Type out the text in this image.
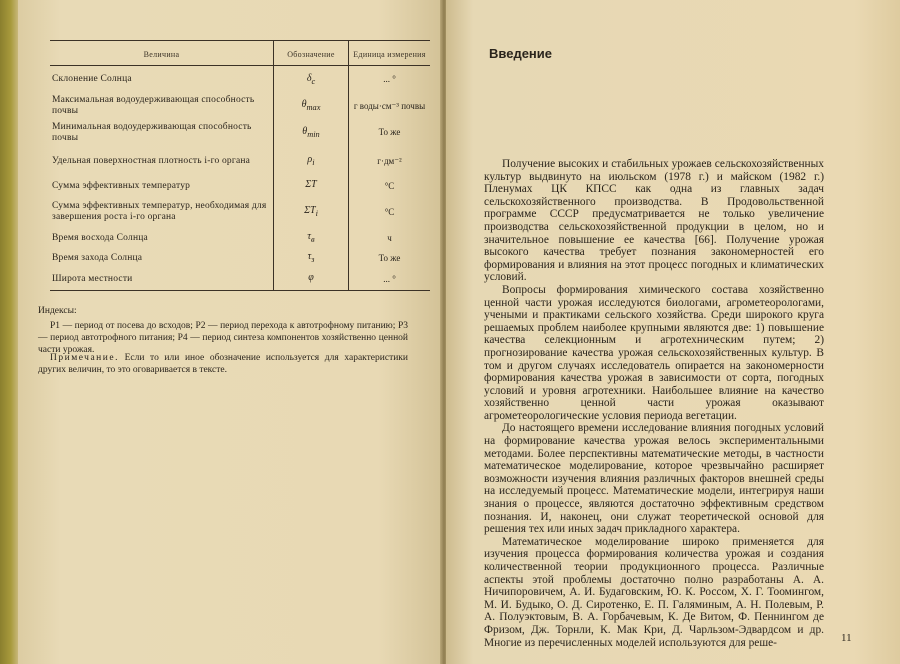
Величина	Обозначение	Единица измерения
Склонение Солнца	$\delta_c$	... °
Максимальная водоудерживающая способность почвы	$\theta_{max}$	г воды·см⁻³ почвы
Минимальная водоудерживающая способность почвы	$\theta_{min}$	То же
Удельная поверхностная плотность i-го органа	$\rho_i$	г·дм⁻²
Сумма эффективных температур	ΣT	°C
Сумма эффективных температур, необходимая для завершения роста i-го органа	$\Sigma T_i$	°C
Время восхода Солнца	$\tau_в$	ч
Время захода Солнца	$\tau_з$	То же
Широта местности	φ	... °
Индексы:
P1 — период от посева до всходов; P2 — период перехода к автотрофному питанию; P3 — период автотрофного питания; P4 — период синтеза компонентов хозяйственно ценной части урожая.
Примечание. Если то или иное обозначение используется для характеристики других величин, то это оговаривается в тексте.
Введение

Получение высоких и стабильных урожаев сельскохозяйственных культур выдвинуто на июльском (1978 г.) и майском (1982 г.) Пленумах ЦК КПСС как одна из главных задач сельскохозяйственного производства. В Продовольственной программе СССР предусматривается не только увеличение производства сельскохозяйственной продукции в целом, но и значительное повышение ее качества [66]. Получение урожая высокого качества требует познания закономерностей его формирования и влияния на этот процесс погодных и климатических условий.

Вопросы формирования химического состава хозяйственно ценной части урожая исследуются биологами, агрометеорологами, учеными и практиками сельского хозяйства. Среди широкого круга решаемых проблем наиболее крупными являются две: 1) повышение качества селекционным и агротехническим путем; 2) прогнозирование качества урожая сельскохозяйственных культур. В том и другом случаях исследователь опирается на закономерности формирования качества урожая в зависимости от сорта, погодных условий и уровня агротехники. Наибольшее влияние на качество хозяйственно ценной части урожая оказывают агрометеорологические условия периода вегетации.

До настоящего времени исследование влияния погодных условий на формирование качества урожая велось экспериментальными методами. Более перспективны математические методы, в частности математическое моделирование, которое чрезвычайно расширяет возможности изучения влияния различных факторов внешней среды на исследуемый процесс. Математические модели, интегрируя наши знания о процессе, являются достаточно эффективным средством познания. И, наконец, они служат теоретической основой для решения тех или иных задач прикладного характера.

Математическое моделирование широко применяется для изучения процесса формирования количества урожая и создания количественной теории продукционного процесса. Различные аспекты этой проблемы достаточно полно разработаны А. А. Ничипоровичем, А. И. Будаговским, Ю. К. Россом, Х. Г. Тоомингом, М. И. Будыко, О. Д. Сиротенко, Е. П. Галяминым, А. Н. Полевым, Р. А. Полуэктовым, В. А. Горбачевым, К. Де Витом, Ф. Пеннингом де Фризом, Дж. Торнли, К. Мак Кри, Д. Чарльзом-Эдвардсом и др. Многие из перечисленных моделей используются для реше-	11
